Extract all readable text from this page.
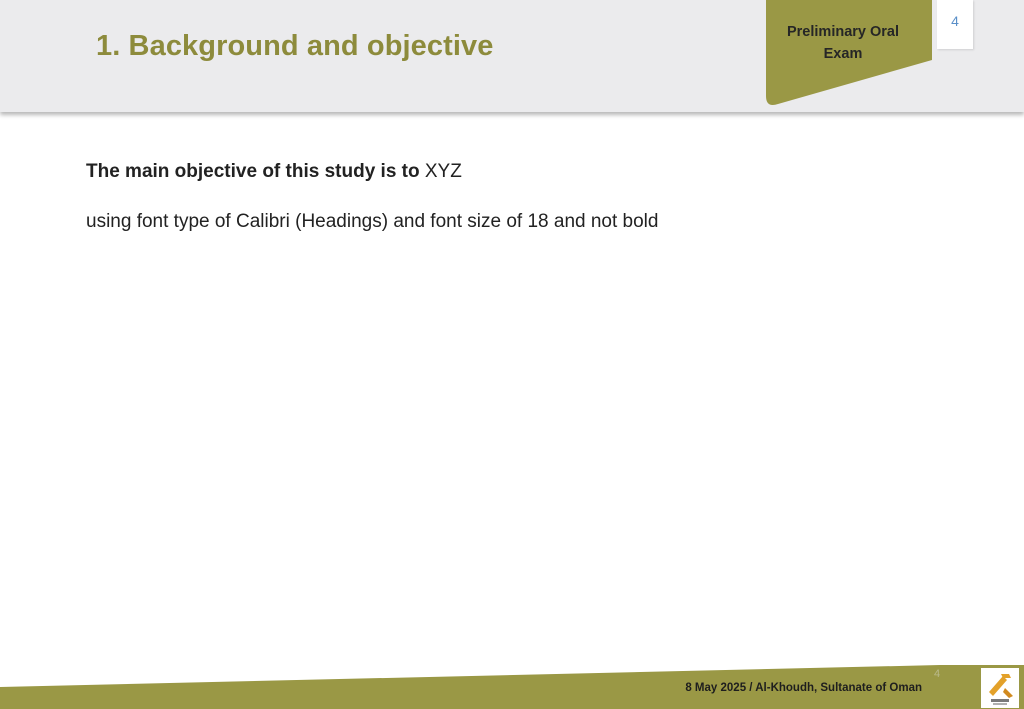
1. Background and objective	Preliminary Oral
Exam
4

The main objective of this study is to XYZ

using font type of Calibri (Headings) and font size of 18 and not bold

4
8 May 2025 / Al-Khoudh, Sultanate of Oman
